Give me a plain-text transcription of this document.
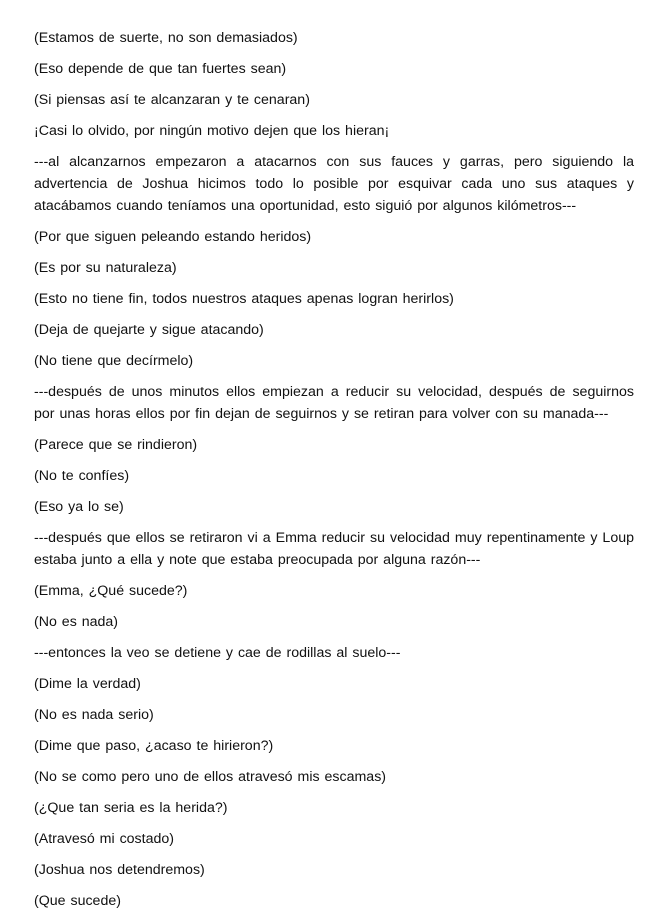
(Estamos de suerte, no son demasiados)

(Eso depende de que tan fuertes sean)

(Si piensas así te alcanzaran y te cenaran)

¡Casi lo olvido, por ningún motivo dejen que los hieran¡

---al alcanzarnos empezaron a atacarnos con sus fauces y garras, pero siguiendo la advertencia de Joshua hicimos todo lo posible por esquivar cada uno sus ataques y atacábamos cuando teníamos una oportunidad, esto siguió por algunos kilómetros---

(Por que siguen peleando estando heridos)

(Es por su naturaleza)

(Esto no tiene fin, todos nuestros ataques apenas logran herirlos)

(Deja de quejarte y sigue atacando)

(No tiene que decírmelo)

---después de unos minutos ellos empiezan a reducir su velocidad, después de seguirnos por unas horas ellos por fin dejan de seguirnos y se retiran para volver con su manada---

(Parece que se rindieron)

(No te confíes)

(Eso ya lo se)

---después que ellos se retiraron vi a Emma reducir su velocidad muy repentinamente y Loup estaba junto a ella y note que estaba preocupada por alguna razón---

(Emma, ¿Qué sucede?)

(No es nada)

---entonces la veo se detiene y cae de rodillas al suelo---

(Dime la verdad)

(No es nada serio)

(Dime que paso, ¿acaso te hirieron?)

(No se como pero uno de ellos atravesó mis escamas)

(¿Que tan seria es la herida?)

(Atravesó mi costado)

(Joshua nos detendremos)

(Que sucede)
